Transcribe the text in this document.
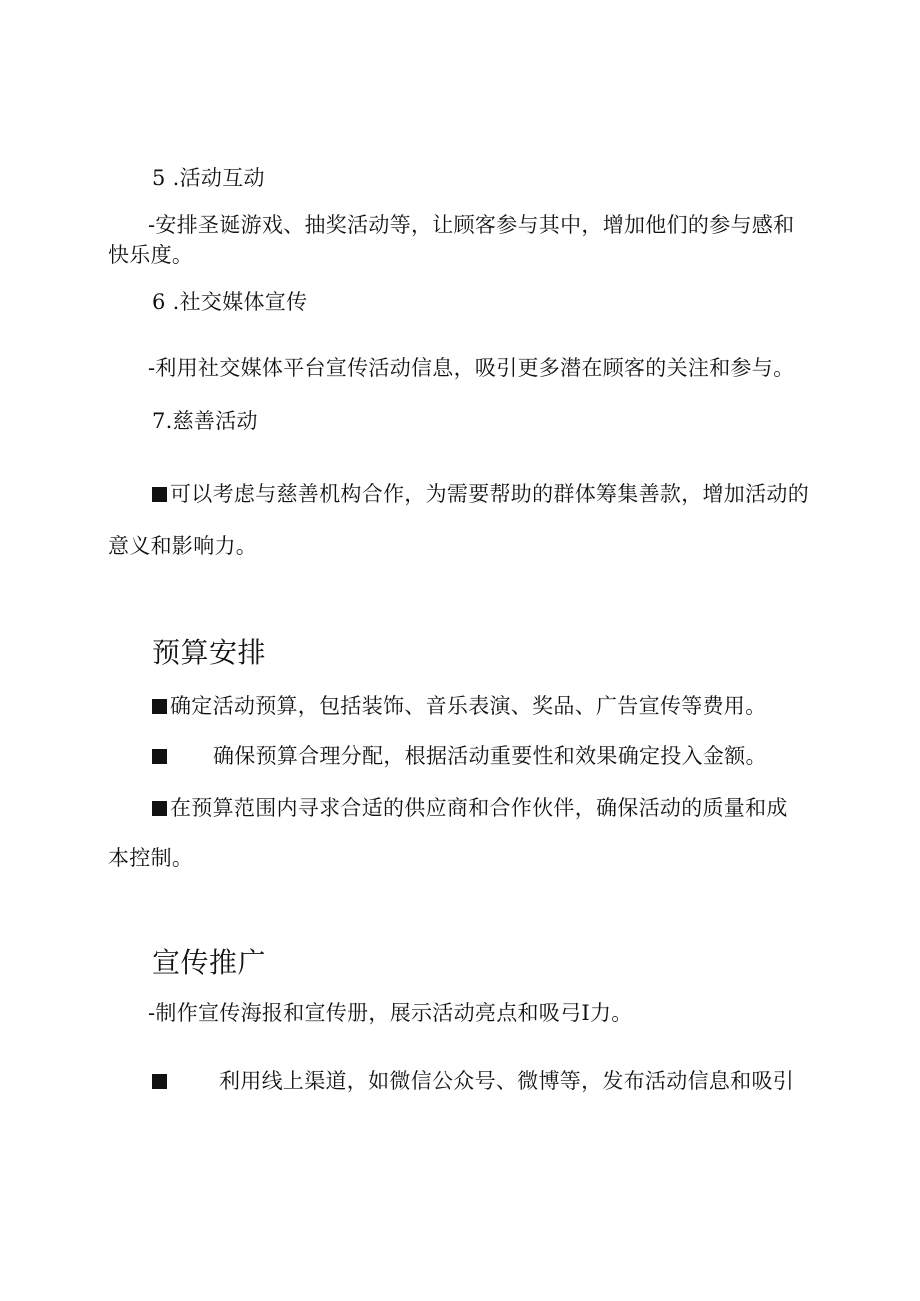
5 .活动互动
-安排圣诞游戏、抽奖活动等，让顾客参与其中，增加他们的参与感和
快乐度。
6 .社交媒体宣传
-利用社交媒体平台宣传活动信息，吸引更多潜在顾客的关注和参与。
7.慈善活动
可以考虑与慈善机构合作，为需要帮助的群体筹集善款，增加活动的
意义和影响力。
预算安排
确定活动预算，包括装饰、音乐表演、奖品、广告宣传等费用。
确保预算合理分配，根据活动重要性和效果确定投入金额。
在预算范围内寻求合适的供应商和合作伙伴，确保活动的质量和成
本控制。
宣传推广
-制作宣传海报和宣传册，展示活动亮点和吸弓I力。
利用线上渠道，如微信公众号、微博等，发布活动信息和吸引
